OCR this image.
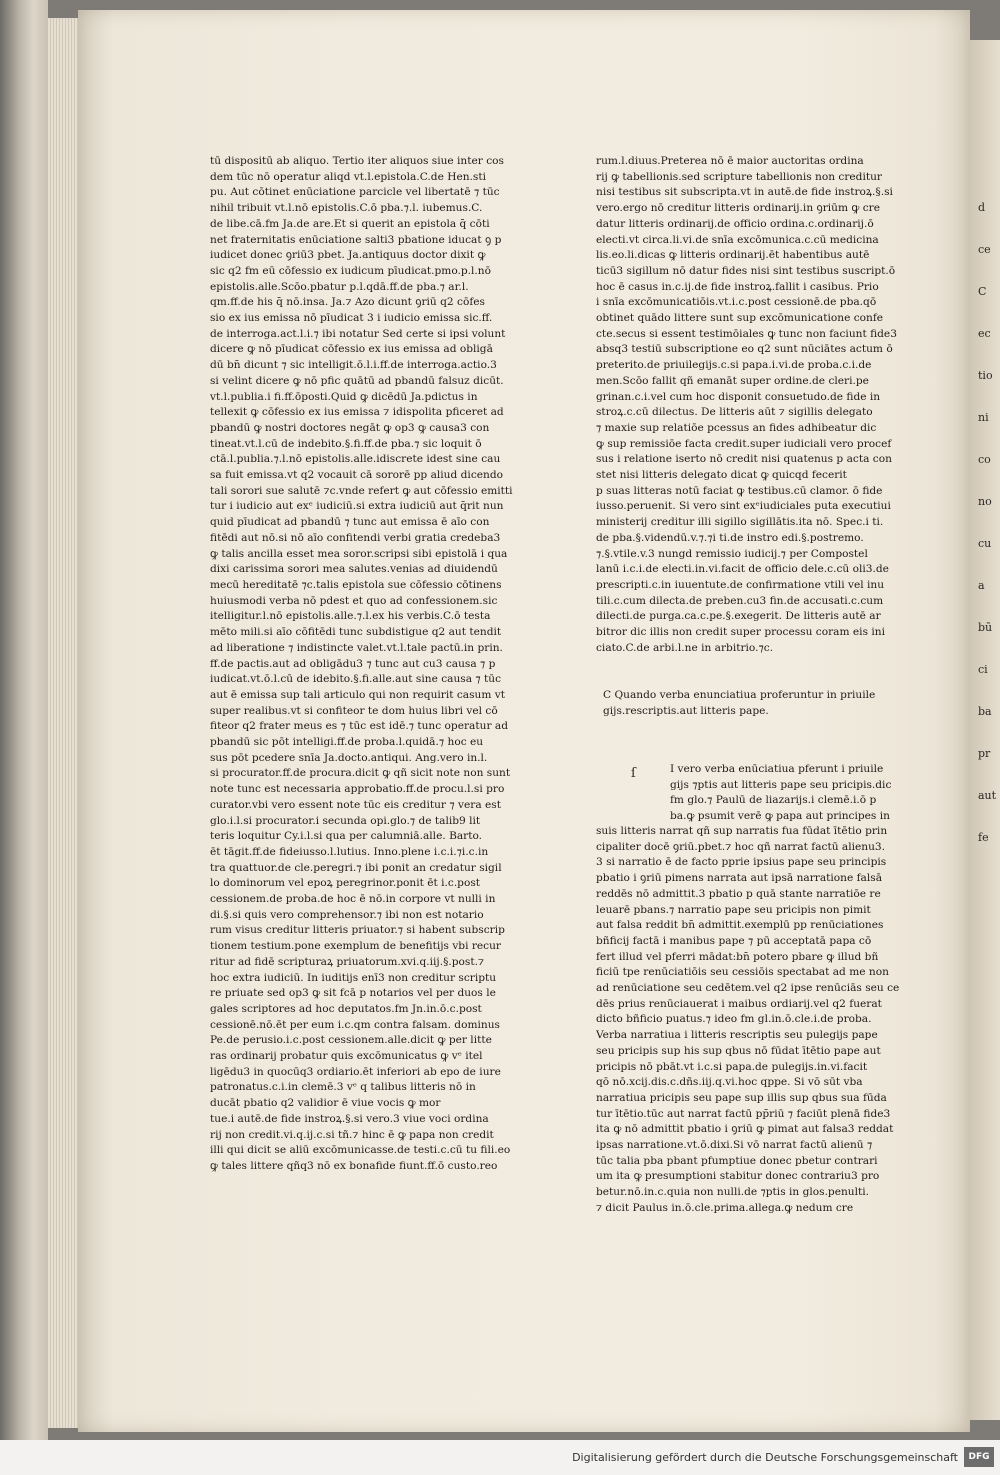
tū dispositū ab aliquo. Tertio iter aliquos siue inter cos

dem tūc nō operatur aliqd vt.l.epistola.C.de Hen.sti

pu. Aut cōtinet enūciatione parcicle vel libertatē ⁊ tūc

nihil tribuit vt.l.nō epistolis.C.ō pba.⁊.l. iubemus.C.

de libe.cā.fm Ja.de are.Et si querit an epistola q̄ cōti

net fraternitatis enūciatione salti3 pbatione iducat ꝯ p

iudicet donec ꝯriū3 pbet. Ja.antiquus doctor dixit ꝙ

sic q2 fm eū cōfessio ex iudicum pīudicat.pmo.p.l.nō

epistolis.alle.Scōo.pbatur p.l.qdā.ff.de pba.⁊ ar.l.

qm.ff.de his q̄ nō.insa. Ja.⁊ Azo dicunt ꝯriū q2 cōfes

sio ex ius emissa nō pīudicat 3 i iudicio emissa sic.ff.

de interroga.act.l.i.⁊ ibi notatur Sed certe si ipsi volunt

dicere ꝙ nō pīudicat cōfessio ex ius emissa ad obligā

dū bn̄ dicunt ⁊ sic intelligit.ō.l.i.ff.de interroga.actio.3

si velint dicere ꝙ nō pfic quātū ad pbandū falsuz dicūt.

vt.l.publia.i fi.ff.ōposti.Quid ꝙ dicēdū Ja.pdictus in

tellexit ꝙ cōfessio ex ius emissa ⁊ idispolita pficeret ad

pbandū ꝙ nostri doctores negāt ꝙ op3 ꝙ causa3 con

tineat.vt.l.cū de indebito.§.fi.ff.de pba.⁊ sic loquit ō

ctā.l.publia.⁊.l.nō epistolis.alle.idiscrete idest sine cau

sa fuit emissa.vt q2 vocauit cā sororē pp aliud dicendo

tali sorori sue salutē ⁊c.vnde refert ꝙ aut cōfessio emitti

tur i iudicio aut exᵉ iudiciū.si extra iudiciū aut q̄rit nun

quid pīudicat ad pbandū ⁊ tunc aut emissa ē aīo con

fitēdi aut nō.si nō aīo confitendi verbi gratia credeba3

ꝙ talis ancilla esset mea soror.scripsi sibi epistolā i qua

dixi carissima sorori mea salutes.venias ad diuidendū

mecū hereditatē ⁊c.talis epistola sue cōfessio cōtinens

huiusmodi verba nō pdest et quo ad confessionem.sic

itelligitur.l.nō epistolis.alle.⁊.l.ex his verbis.C.ō testa

mēto mili.si aīo cōfitēdi tunc subdistigue q2 aut tendit

ad liberatione ⁊ indistincte valet.vt.l.tale pactū.in prin.

ff.de pactis.aut ad obligādu3 ⁊ tunc aut cu3 causa ⁊ p

iudicat.vt.ō.l.cū de idebito.§.fi.alle.aut sine causa ⁊ tūc

aut ē emissa sup tali articulo qui non requirit casum vt

super realibus.vt si confiteor te dom huius libri vel cō

fiteor q2 frater meus es ⁊ tūc est idē.⁊ tunc operatur ad

pbandū sic pōt intelligi.ff.de proba.l.quidā.⁊ hoc eu

sus pōt pcedere snīa Ja.docto.antiqui. Ang.vero in.l.

si procurator.ff.de procura.dicit ꝙ qñ sicit note non sunt

note tunc est necessaria approbatio.ff.de procu.l.si pro

curator.vbi vero essent note tūc eis creditur ⁊ vera est

glo.i.l.si procurator.i secunda opi.glo.⁊ de talib9 lit

teris loquitur Cy.i.l.si qua per calumniā.alle. Barto.

ēt tāgit.ff.de fideiusso.l.lutius. Inno.plene i.c.i.⁊i.c.in

tra quattuor.de cle.peregri.⁊ ibi ponit an credatur sigil

lo dominorum vel epoꝝ peregrinor.ponit ēt i.c.post

cessionem.de proba.de hoc ē nō.in corpore vt nulli in

di.§.si quis vero comprehensor.⁊ ibi non est notario

rum visus creditur litteris priuator.⁊ si habent subscrip

tionem testium.pone exemplum de benefitijs vbi recur

ritur ad fidē scripturaꝝ priuatorum.xvi.q.iij.§.post.⁊

hoc extra iudiciū. In iuditijs enī3 non creditur scriptu

re priuate sed op3 ꝙ sit fcā p notarios vel per duos le

gales scriptores ad hoc deputatos.fm Jn.in.ō.c.post

cessionē.nō.ēt per eum i.c.qm contra falsam. dominus

Pe.de perusio.i.c.post cessionem.alle.dicit ꝙ per litte

ras ordinarij probatur quis excōmunicatus ꝙ vᵉ itel

ligēdu3 in quocūq3 ordiario.ēt inferiori ab epo de iure

patronatus.c.i.in clemē.3 vᵉ q talibus litteris nō in

ducāt pbatio q2 validior ē viue vocis ꝙ mor

tue.i autē.de fide instroꝝ.§.si vero.3 viue voci ordina

rij non credit.vi.q.ij.c.si tñ.⁊ hinc ē ꝙ papa non credit

illi qui dicit se aliū excōmunicasse.de testi.c.cū tu fili.eo

ꝙ tales littere qñq3 nō ex bonafide fiunt.ff.ō custo.reo

rum.l.diuus.Preterea nō ē maior auctoritas ordina

rij ꝙ tabellionis.sed scripture tabellionis non creditur

nisi testibus sit subscripta.vt in autē.de fide instroꝝ.§.si

vero.ergo nō creditur litteris ordinarij.in ꝯriūm ꝙ cre

datur litteris ordinarij.de officio ordina.c.ordinarij.ō

electi.vt circa.li.vi.de snīa excōmunica.c.cū medicina

lis.eo.li.dicas ꝙ litteris ordinarij.ēt habentibus autē

ticū3 sigillum nō datur fides nisi sint testibus suscript.ō

hoc ē casus in.c.ij.de fide instroꝝ.fallit i casibus. Prio

i snīa excōmunicatiōis.vt.i.c.post cessionē.de pba.qō

obtinet quādo littere sunt sup excōmunicatione confe

cte.secus si essent testimōiales ꝙ tunc non faciunt fide3

absq3 testiū subscriptione eo q2 sunt nūciātes actum ō

preterito.de priuilegijs.c.si papa.i.vi.de proba.c.i.de

men.Scōo fallit qñ emanāt super ordine.de cleri.pe

grinan.c.i.vel cum hoc disponit consuetudo.de fide in

stroꝝ.c.cū dilectus. De litteris aūt ⁊ sigillis delegato

⁊ maxie sup relatiōe pcessus an fides adhibeatur dic

ꝙ sup remissiōe facta credit.super iudiciali vero procef

sus i relatione iserto nō credit nisi quatenus p acta con

stet nisi litteris delegato dicat ꝙ quicqd fecerit

p suas litteras notū faciat ꝙ testibus.cū clamor. ō fide

iusso.peruenit. Si vero sint exᵉiudiciales puta executiui

ministerij creditur illi sigillo sigillātis.ita nō. Spec.i ti.

de pba.§.videndū.v.⁊.⁊i ti.de instro edi.§.postremo.

⁊.§.vtile.v.3 nungd remissio iudicij.⁊ per Compostel

lanū i.c.i.de electi.in.vi.facit de officio dele.c.cū oli3.de

prescripti.c.in iuuentute.de confirmatione vtili vel inu

tili.c.cum dilecta.de preben.cu3 fin.de accusati.c.cum

dilecti.de purga.ca.c.pe.§.exegerit. De litteris autē ar

bitror dic illis non credit super processu coram eis ini

ciato.C.de arbi.l.ne in arbitrio.⁊c.

C Quando verba enunciatiua proferuntur in priuile

gijs.rescriptis.aut litteris pape.

ſ	I vero verba enūciatiua pferunt i priuile

gijs ⁊ptis aut litteris pape seu pricipis.dic

fm glo.⁊ Paulū de liazarijs.i clemē.i.ō p

ba.ꝙ psumit verē ꝙ papa aut principes in

suis litteris narrat qñ sup narratis fua fūdat ītētio prin

cipaliter docē ꝯriū.pbet.⁊ hoc qñ narrat factū alienu3.

3 si narratio ē de facto pprie ipsius pape seu principis

pbatio i ꝯriū pimens narrata aut ipsā narratione falsā

reddēs nō admittit.3 pbatio p quā stante narratiōe re

leuarē pbans.⁊ narratio pape seu pricipis non pimit

aut falsa reddit bn̄ admittit.exemplū pp renūciationes

bñficij factā i manibus pape ⁊ pū acceptatā papa cō

fert illud vel pferri mādat:bn̄ potero pbare ꝙ illud bñ

ficiū tpe renūciatiōis seu cessiōis spectabat ad me non

ad renūciatione seu cedētem.vel q2 ipse renūciās seu ce

dēs prius renūciauerat i maibus ordiarij.vel q2 fuerat

dicto bñficio puatus.⁊ ideo fm gl.in.ō.cle.i.de proba.

Verba narratiua i litteris rescriptis seu pulegijs pape

seu pricipis sup his sup qbus nō fūdat ītētio pape aut

pricipis nō pbāt.vt i.c.si papa.de pulegijs.in.vi.facit

qō nō.xcij.dis.c.dñs.iij.q.vi.hoc qppe. Si vō sūt vba

narratiua pricipis seu pape sup illis sup qbus sua fūda

tur ītētio.tūc aut narrat factū pp̄riū ⁊ faciūt plenā fide3

ita ꝙ nō admittit pbatio i ꝯriū ꝙ pimat aut falsa3 reddat

ipsas narratione.vt.ō.dixi.Si vō narrat factū alienū ⁊

tūc talia pba pbant pfumptiue donec pbetur contrari

um ita ꝙ presumptioni stabitur donec contrariu3 pro

betur.nō.in.c.quia non nulli.de ⁊ptis in glos.penulti.

⁊ dicit Paulus in.ō.cle.prima.allega.ꝙ nedum cre

d
ce
C
ec
tio
ni
co
no
cu
a
bū
ci
ba
pr
aut
fe
Digitalisierung gefördert durch die Deutsche Forschungsgemeinschaft	DFG
